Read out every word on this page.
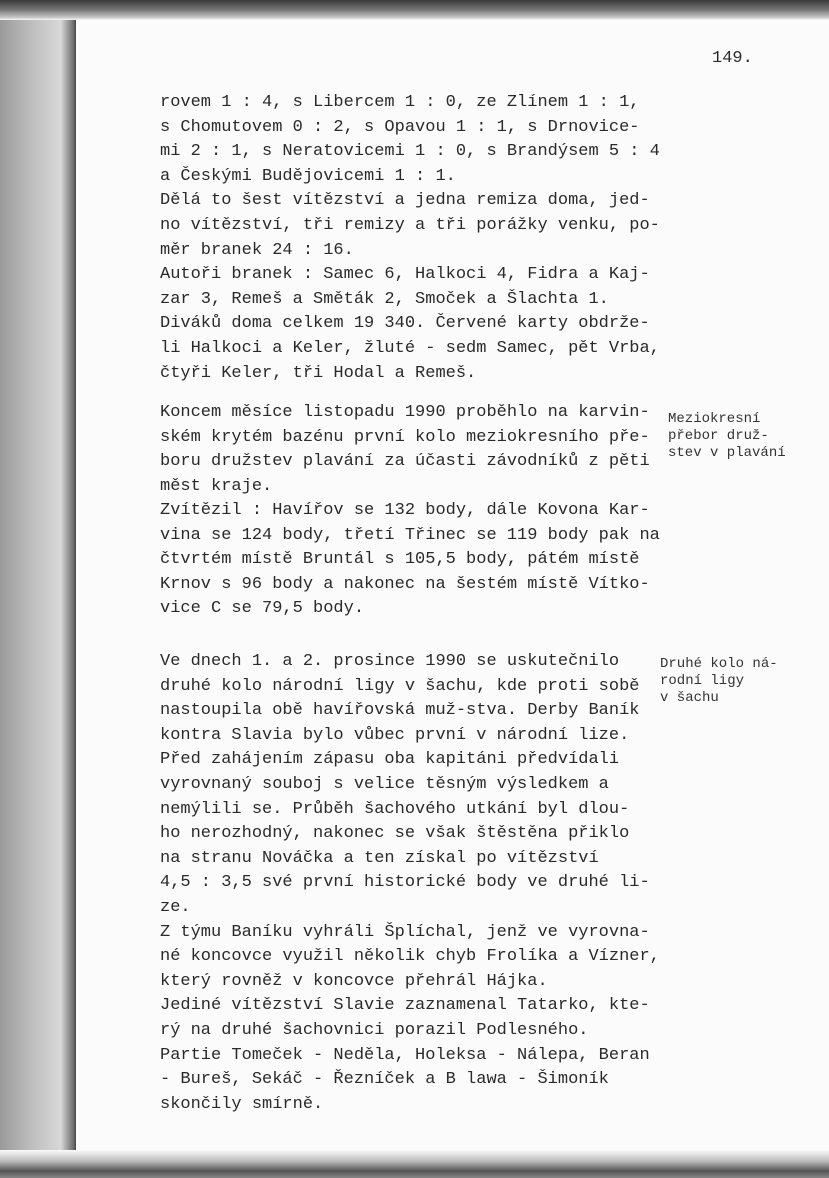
149.
rovem 1 : 4, s Libercem 1 : 0, ze Zlínem 1 : 1,
s Chomutovem 0 : 2, s Opavou 1 : 1, s Drnovice-
mi 2 : 1, s Neratovicemi 1 : 0, s Brandýsem 5 : 4
a Českými Budějovicemi 1 : 1.
Dělá to šest vítězství a jedna remiza doma, jed-
no vítězství, tři remizy a tři porážky venku, po-
měr branek 24 : 16.
Autoři branek : Samec 6, Halkoci 4, Fidra a Kaj-
zar 3, Remeš a Směták 2, Smoček a Šlachta 1.
Diváků doma celkem 19 340. Červené karty obdrže-
li Halkoci a Keler, žluté - sedm Samec, pět Vrba,
čtyři Keler, tři Hodal a Remeš.
Koncem měsíce listopadu 1990 proběhlo na karvin-
ském krytém bazénu první kolo meziokresního pře-
boru družstev plavání za účasti závodníků z pěti
měst kraje.
Zvítězil : Havířov se 132 body, dále Kovona Kar-
vina se 124 body, třetí Třinec se 119 body pak na
čtvrtém místě Bruntál s 105,5 body, pátém místě
Krnov s 96 body a nakonec na šestém místě Vítko-
vice C se 79,5 body.
Meziokresní
přebor druž-
stev v plavání
Ve dnech 1. a 2. prosince 1990 se uskutečnilo
druhé kolo národní ligy v šachu, kde proti sobě
nastoupila obě havířovská muž-stva. Derby Baník
kontra Slavia bylo vůbec první v národní lize.
Před zahájením zápasu oba kapitáni předvídali
vyrovnaný souboj s velice těsným výsledkem a
nemýlili se. Průběh šachového utkání byl dlou-
ho nerozhodný, nakonec se však štěstěna přiklo
na stranu Nováčka a ten získal po vítězství
4,5 : 3,5 své první historické body ve druhé li-
ze.
Z týmu Baníku vyhráli Šplíchal, jenž ve vyrovna-
né koncovce využil několik chyb Frolíka a Vízner,
který rovněž v koncovce přehrál Hájka.
Jediné vítězství Slavie zaznamenal Tatarko, kte-
rý na druhé šachovnici porazil Podlesného.
Partie Tomeček - Neděla, Holeksa - Nálepa, Beran
- Bureš, Sekáč - Řezníček a B lawa - Šimoník
skončily smírně.
Druhé kolo ná-
rodní ligy
v šachu
